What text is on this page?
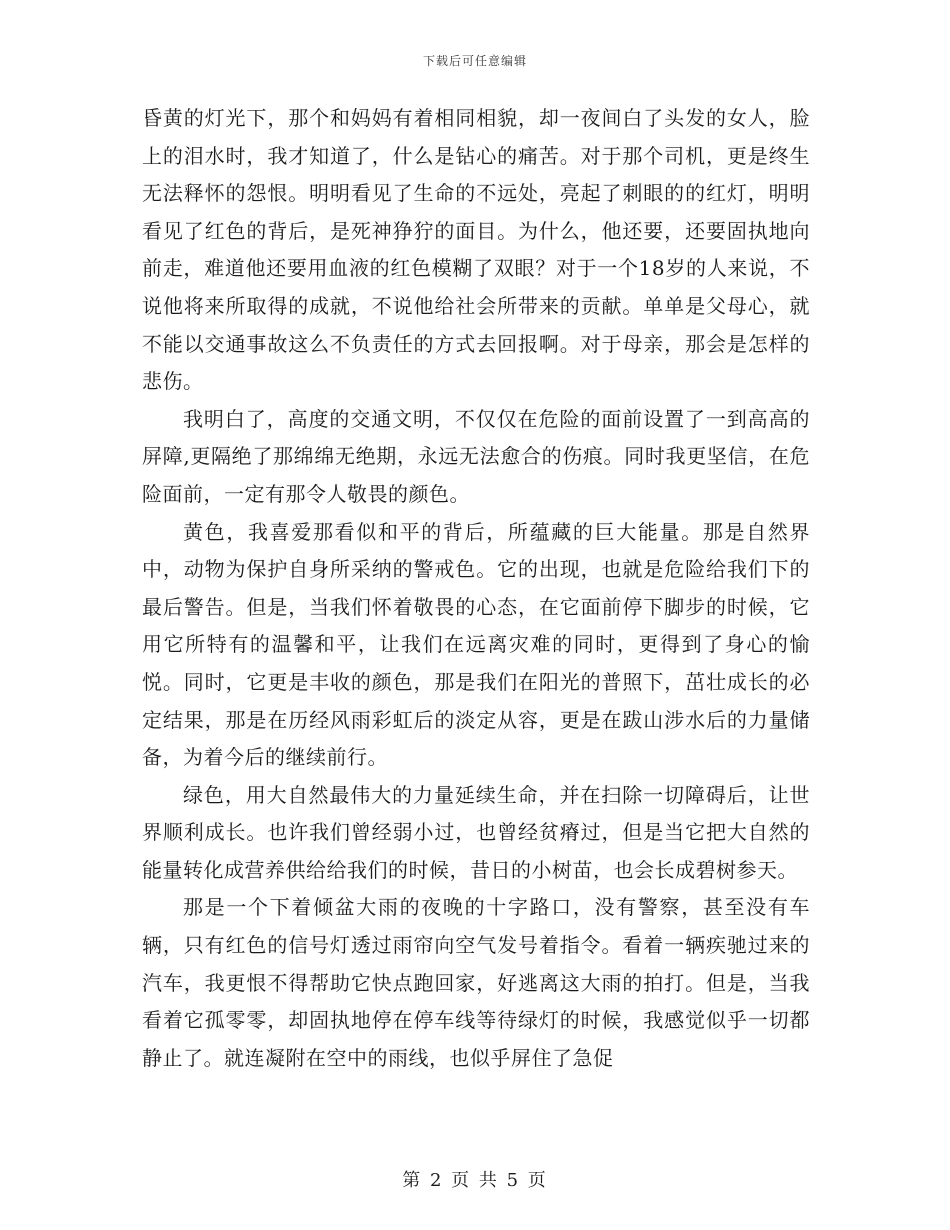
下载后可任意编辑

昏黄的灯光下，那个和妈妈有着相同相貌，却一夜间白了头发的女人，脸上的泪水时，我才知道了，什么是钻心的痛苦。对于那个司机，更是终生无法释怀的怨恨。明明看见了生命的不远处，亮起了刺眼的的红灯，明明看见了红色的背后，是死神狰狞的面目。为什么，他还要，还要固执地向前走，难道他还要用血液的红色模糊了双眼？对于一个18岁的人来说，不说他将来所取得的成就，不说他给社会所带来的贡献。单单是父母心，就不能以交通事故这么不负责任的方式去回报啊。对于母亲，那会是怎样的悲伤。

我明白了，高度的交通文明，不仅仅在危险的面前设置了一到高高的屏障,更隔绝了那绵绵无绝期，永远无法愈合的伤痕。同时我更坚信，在危险面前，一定有那令人敬畏的颜色。

黄色，我喜爱那看似和平的背后，所蕴藏的巨大能量。那是自然界中，动物为保护自身所采纳的警戒色。它的出现，也就是危险给我们下的最后警告。但是，当我们怀着敬畏的心态，在它面前停下脚步的时候，它用它所特有的温馨和平，让我们在远离灾难的同时，更得到了身心的愉悦。同时，它更是丰收的颜色，那是我们在阳光的普照下，茁壮成长的必定结果，那是在历经风雨彩虹后的淡定从容，更是在跋山涉水后的力量储备，为着今后的继续前行。

绿色，用大自然最伟大的力量延续生命，并在扫除一切障碍后，让世界顺利成长。也许我们曾经弱小过，也曾经贫瘠过，但是当它把大自然的能量转化成营养供给给我们的时候，昔日的小树苗，也会长成碧树参天。

那是一个下着倾盆大雨的夜晚的十字路口，没有警察，甚至没有车辆，只有红色的信号灯透过雨帘向空气发号着指令。看着一辆疾驰过来的汽车，我更恨不得帮助它快点跑回家，好逃离这大雨的拍打。但是，当我看着它孤零零，却固执地停在停车线等待绿灯的时候，我感觉似乎一切都静止了。就连凝附在空中的雨线，也似乎屏住了急促

第 2 页 共 5 页
